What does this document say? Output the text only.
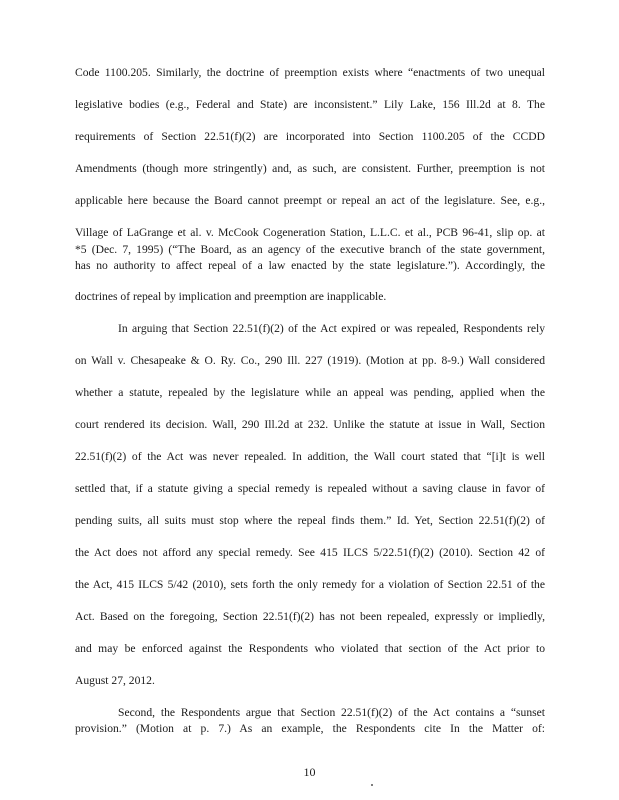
Code 1100.205. Similarly, the doctrine of preemption exists where “enactments of two unequal
legislative bodies (e.g., Federal and State) are inconsistent.” Lily Lake, 156 Ill.2d at 8. The
requirements of Section 22.51(f)(2) are incorporated into Section 1100.205 of the CCDD
Amendments (though more stringently) and, as such, are consistent. Further, preemption is not
applicable here because the Board cannot preempt or repeal an act of the legislature. See, e.g.,
Village of LaGrange et al. v. McCook Cogeneration Station, L.L.C. et al., PCB 96-41, slip op. at
*5 (Dec. 7, 1995) (“The Board, as an agency of the executive branch of the state government,
has no authority to affect repeal of a law enacted by the state legislature.”). Accordingly, the
doctrines of repeal by implication and preemption are inapplicable.
In arguing that Section 22.51(f)(2) of the Act expired or was repealed, Respondents rely
on Wall v. Chesapeake & O. Ry. Co., 290 Ill. 227 (1919). (Motion at pp. 8-9.) Wall considered
whether a statute, repealed by the legislature while an appeal was pending, applied when the
court rendered its decision. Wall, 290 Ill.2d at 232. Unlike the statute at issue in Wall, Section
22.51(f)(2) of the Act was never repealed. In addition, the Wall court stated that “[i]t is well
settled that, if a statute giving a special remedy is repealed without a saving clause in favor of
pending suits, all suits must stop where the repeal finds them.” Id. Yet, Section 22.51(f)(2) of
the Act does not afford any special remedy. See 415 ILCS 5/22.51(f)(2) (2010). Section 42 of
the Act, 415 ILCS 5/42 (2010), sets forth the only remedy for a violation of Section 22.51 of the
Act. Based on the foregoing, Section 22.51(f)(2) has not been repealed, expressly or impliedly,
and may be enforced against the Respondents who violated that section of the Act prior to
August 27, 2012.
Second, the Respondents argue that Section 22.51(f)(2) of the Act contains a “sunset
provision.” (Motion at p. 7.) As an example, the Respondents cite In the Matter of:
10
